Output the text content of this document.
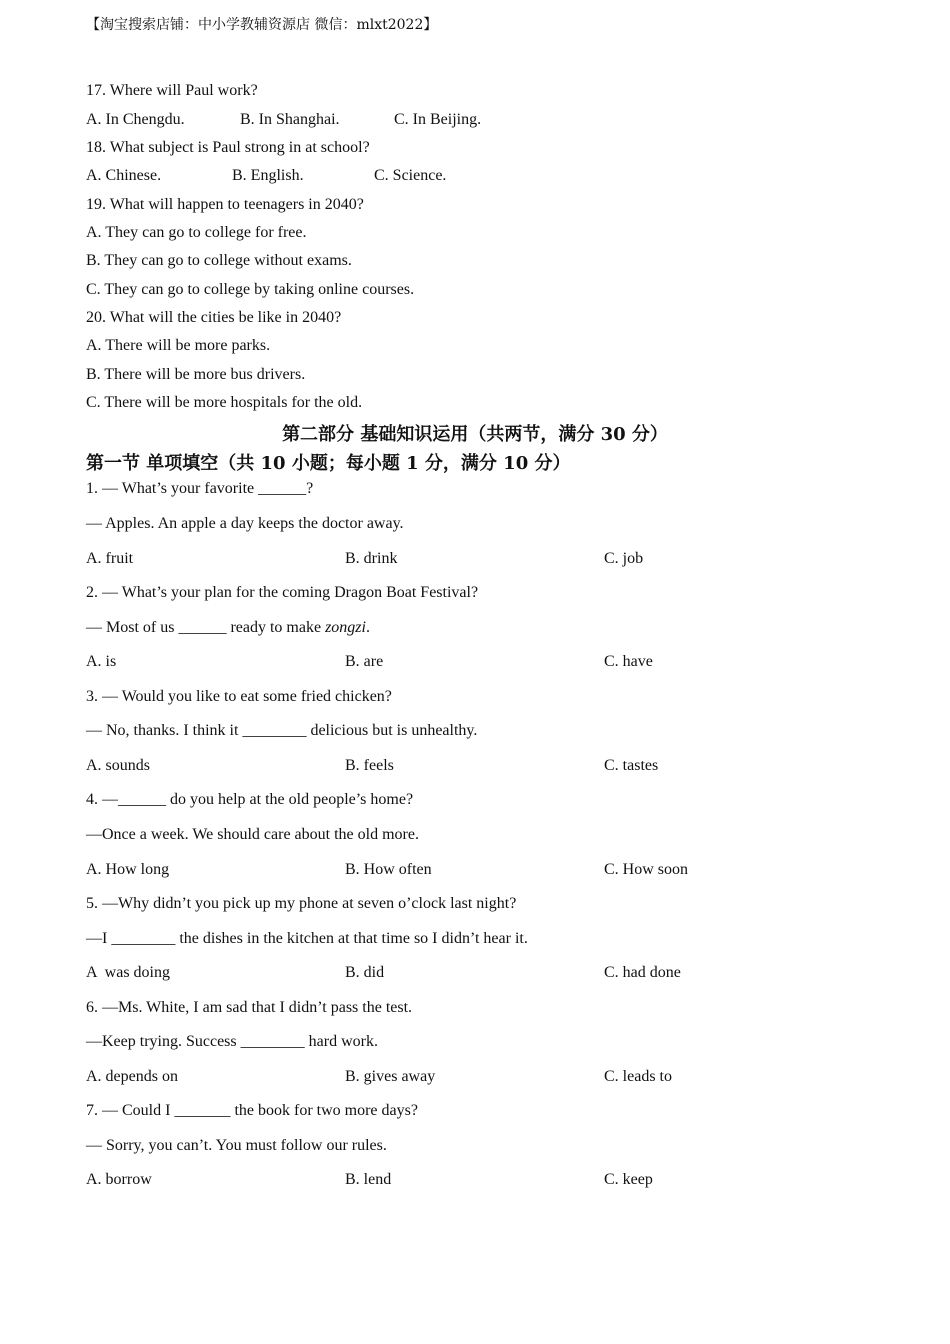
【淘宝搜索店铺：中小学教辅资源店 微信：mlxt2022】
17. Where will Paul work?
A. In Chengdu.	B. In Shanghai.	C. In Beijing.
18. What subject is Paul strong in at school?
A. Chinese.	B. English.	C. Science.
19. What will happen to teenagers in 2040?
A. They can go to college for free.
B. They can go to college without exams.
C. They can go to college by taking online courses.
20. What will the cities be like in 2040?
A. There will be more parks.
B. There will be more bus drivers.
C. There will be more hospitals for the old.
第二部分 基础知识运用（共两节，满分 30 分）
第一节 单项填空（共 10 小题；每小题 1 分，满分 10 分）
1. — What’s your favorite ______?
— Apples. An apple a day keeps the doctor away.
A. fruit	B. drink	C. job
2. — What’s your plan for the coming Dragon Boat Festival?
— Most of us ______ ready to make zongzi.
A. is	B. are	C. have
3. — Would you like to eat some fried chicken?
— No, thanks. I think it ________ delicious but is unhealthy.
A. sounds	B. feels	C. tastes
4. —______ do you help at the old people’s home?
—Once a week. We should care about the old more.
A. How long	B. How often	C. How soon
5. —Why didn’t you pick up my phone at seven o’clock last night?
—I ________ the dishes in the kitchen at that time so I didn’t hear it.
A  was doing	B. did	C. had done
6. —Ms. White, I am sad that I didn’t pass the test.
—Keep trying. Success ________ hard work.
A. depends on	B. gives away	C. leads to
7. — Could I _______ the book for two more days?
— Sorry, you can’t. You must follow our rules.
A. borrow	B. lend	C. keep
